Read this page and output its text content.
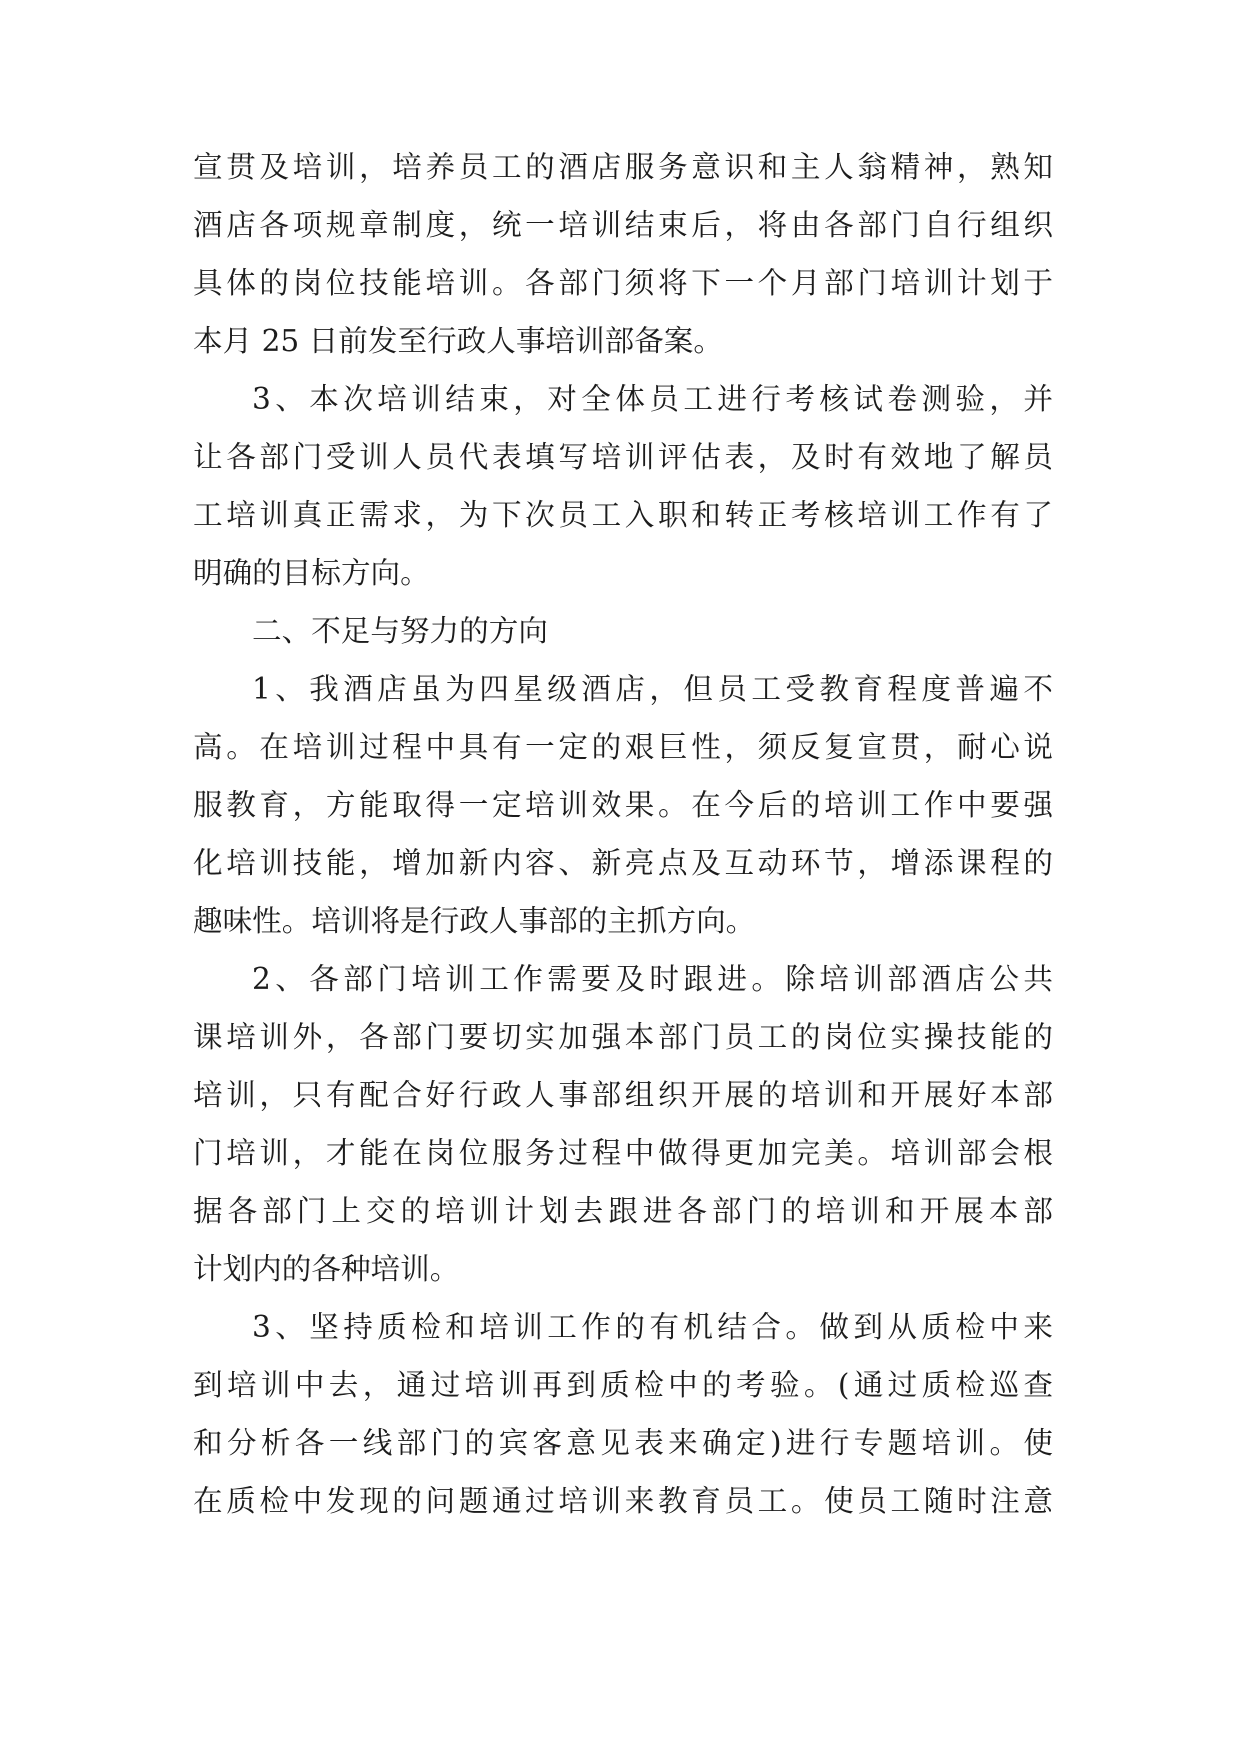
宣贯及培训，培养员工的酒店服务意识和主人翁精神，熟知
酒店各项规章制度，统一培训结束后，将由各部门自行组织
具体的岗位技能培训。各部门须将下一个月部门培训计划于
本月 25 日前发至行政人事培训部备案。
3、本次培训结束，对全体员工进行考核试卷测验，并
让各部门受训人员代表填写培训评估表，及时有效地了解员
工培训真正需求，为下次员工入职和转正考核培训工作有了
明确的目标方向。
二、不足与努力的方向
1、我酒店虽为四星级酒店，但员工受教育程度普遍不
高。在培训过程中具有一定的艰巨性，须反复宣贯，耐心说
服教育，方能取得一定培训效果。在今后的培训工作中要强
化培训技能，增加新内容、新亮点及互动环节，增添课程的
趣味性。培训将是行政人事部的主抓方向。
2、各部门培训工作需要及时跟进。除培训部酒店公共
课培训外，各部门要切实加强本部门员工的岗位实操技能的
培训，只有配合好行政人事部组织开展的培训和开展好本部
门培训，才能在岗位服务过程中做得更加完美。培训部会根
据各部门上交的培训计划去跟进各部门的培训和开展本部
计划内的各种培训。
3、坚持质检和培训工作的有机结合。做到从质检中来
到培训中去，通过培训再到质检中的考验。(通过质检巡查
和分析各一线部门的宾客意见表来确定)进行专题培训。使
在质检中发现的问题通过培训来教育员工。使员工随时注意
